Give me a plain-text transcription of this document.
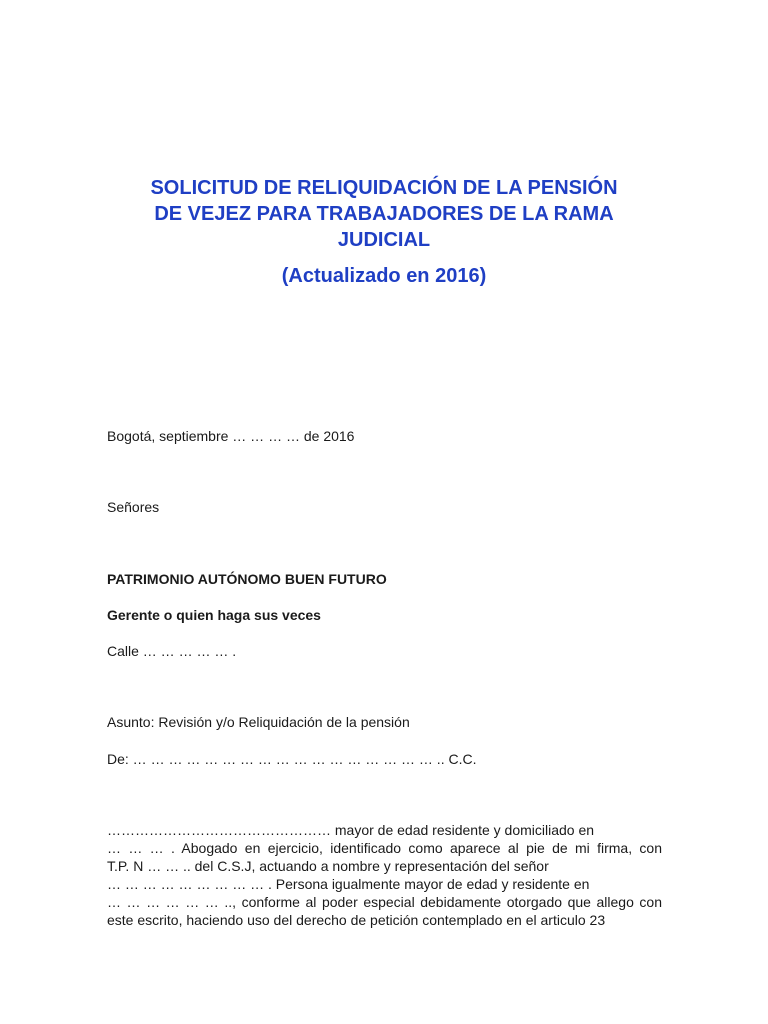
SOLICITUD DE RELIQUIDACIÓN DE LA PENSIÓN

DE VEJEZ PARA TRABAJADORES DE LA RAMA

JUDICIAL

(Actualizado en 2016)

Bogotá, septiembre … … … … de 2016

Señores

PATRIMONIO AUTÓNOMO BUEN FUTURO

Gerente o quien haga sus veces

Calle … … … … … .

Asunto: Revisión y/o Reliquidación de la pensión

De: … … … … … … … … … … … … … … … … … .. C.C.

………………………………………… mayor de edad residente y domiciliado en
… … … . Abogado en ejercicio, identificado como aparece al pie de mi firma, con
T.P. N … … .. del C.S.J, actuando a nombre y representación del señor
… … … … … … … … … . Persona igualmente mayor de edad y residente en
… … … … … … .., conforme al poder especial debidamente otorgado que allego con
este escrito, haciendo uso del derecho de petición contemplado en el articulo 23
